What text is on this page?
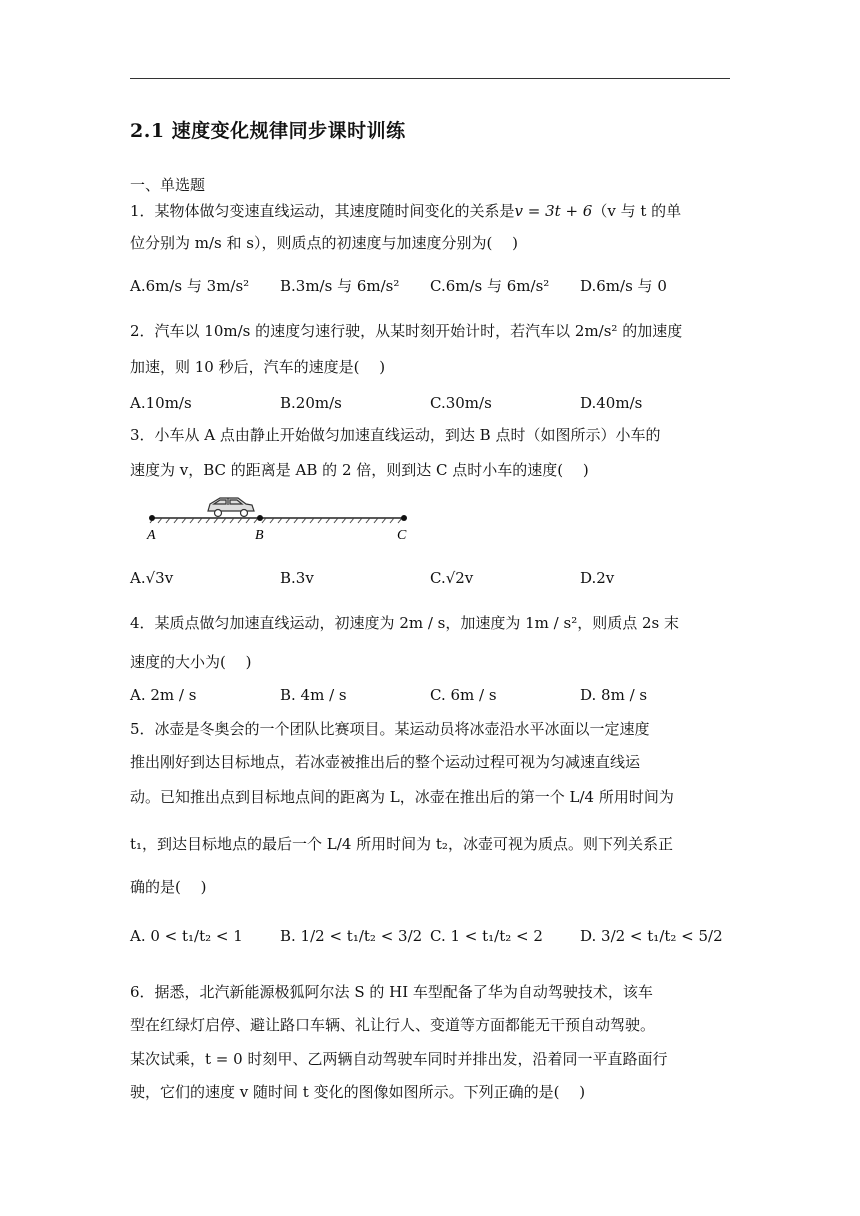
2.1 速度变化规律同步课时训练
一、单选题
1．某物体做匀变速直线运动，其速度随时间变化的关系是v = 3t + 6（v 与 t 的单
位分别为 m/s 和 s），则质点的初速度与加速度分别为(　 )
A.6m/s 与 3m/s² B.3m/s 与 6m/s² C.6m/s 与 6m/s² D.6m/s 与 0
2．汽车以 10m/s 的速度匀速行驶，从某时刻开始计时，若汽车以 2m/s² 的加速度
加速，则 10 秒后，汽车的速度是(　 )
A.10m/s	B.20m/s	C.30m/s	D.40m/s
3．小车从 A 点由静止开始做匀加速直线运动，到达 B 点时（如图所示）小车的
速度为 v，BC 的距离是 AB 的 2 倍，则到达 C 点时小车的速度(　 )
A	B	C
A.√3v	B.3v	C.√2v	D.2v
4．某质点做匀加速直线运动，初速度为 2m / s，加速度为 1m / s²，则质点 2s 末
速度的大小为(　 )
A. 2m / s	B. 4m / s	C. 6m / s	D. 8m / s
5．冰壶是冬奥会的一个团队比赛项目。某运动员将冰壶沿水平冰面以一定速度
推出刚好到达目标地点，若冰壶被推出后的整个运动过程可视为匀减速直线运
动。已知推出点到目标地点间的距离为 L，冰壶在推出后的第一个 L/4 所用时间为
t₁，到达目标地点的最后一个 L/4 所用时间为 t₂，冰壶可视为质点。则下列关系正
确的是(　 )
A. 0 < t₁/t₂ < 1 B. 1/2 < t₁/t₂ < 3/2 C. 1 < t₁/t₂ < 2 D. 3/2 < t₁/t₂ < 5/2
6．据悉，北汽新能源极狐阿尔法 S 的 HI 车型配备了华为自动驾驶技术，该车
型在红绿灯启停、避让路口车辆、礼让行人、变道等方面都能无干预自动驾驶。
某次试乘，t = 0 时刻甲、乙两辆自动驾驶车同时并排出发，沿着同一平直路面行
驶，它们的速度 v 随时间 t 变化的图像如图所示。下列正确的是(　 )
